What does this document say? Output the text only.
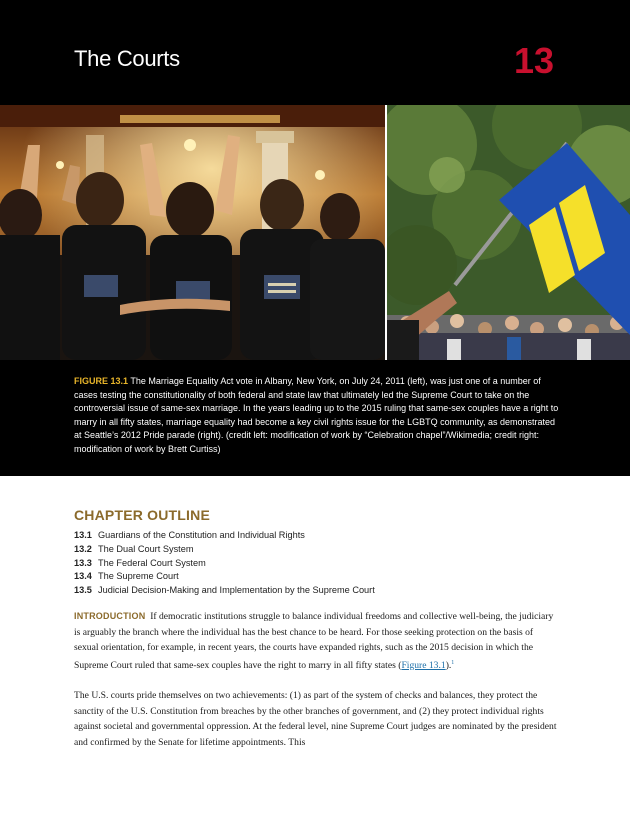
The Courts	13
FIGURE 13.1 The Marriage Equality Act vote in Albany, New York, on July 24, 2011 (left), was just one of a number of cases testing the constitutionality of both federal and state law that ultimately led the Supreme Court to take on the controversial issue of same-sex marriage. In the years leading up to the 2015 ruling that same-sex couples have a right to marry in all fifty states, marriage equality had become a key civil rights issue for the LGBTQ community, as demonstrated at Seattle’s 2012 Pride parade (right). (credit left: modification of work by “Celebration chapel”/Wikimedia; credit right: modification of work by Brett Curtiss)
CHAPTER OUTLINE
13.1 Guardians of the Constitution and Individual Rights
13.2 The Dual Court System
13.3 The Federal Court System
13.4 The Supreme Court
13.5 Judicial Decision-Making and Implementation by the Supreme Court

INTRODUCTION If democratic institutions struggle to balance individual freedoms and collective well-being, the judiciary is arguably the branch where the individual has the best chance to be heard. For those seeking protection on the basis of sexual orientation, for example, in recent years, the courts have expanded rights, such as the 2015 decision in which the Supreme Court ruled that same-sex couples have the right to marry in all fifty states (Figure 13.1).$^1$

The U.S. courts pride themselves on two achievements: (1) as part of the system of checks and balances, they protect the sanctity of the U.S. Constitution from breaches by the other branches of government, and (2) they protect individual rights against societal and governmental oppression. At the federal level, nine Supreme Court judges are nominated by the president and confirmed by the Senate for lifetime appointments. This
